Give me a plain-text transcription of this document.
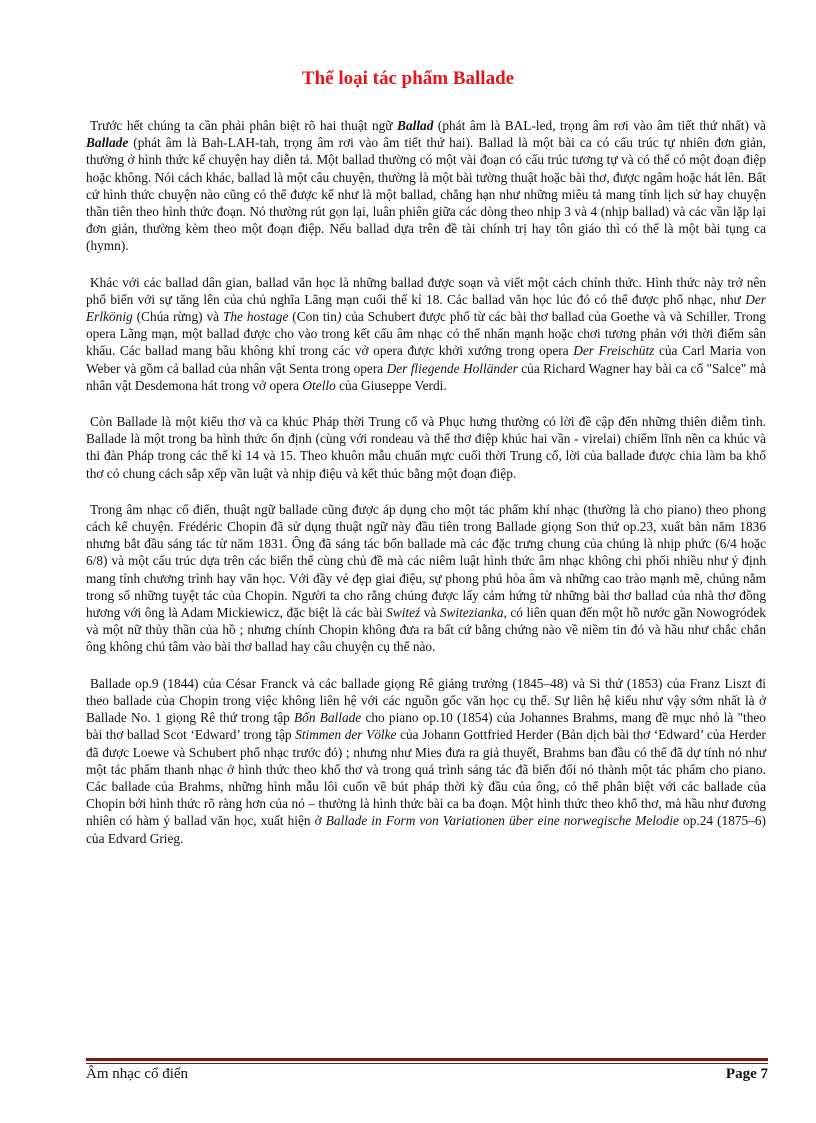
Thể loại tác phẩm Ballade

Trước hết chúng ta cần phải phân biệt rõ hai thuật ngữ Ballad (phát âm là BAL-led, trọng âm rơi vào âm tiết thứ nhất) và Ballade (phát âm là Bah-LAH-tah, trọng âm rơi vào âm tiết thứ hai). Ballad là một bài ca có cấu trúc tự nhiên đơn giản, thường ở hình thức kể chuyện hay diễn tả. Một ballad thường có một vài đoạn có cấu trúc tương tự và có thể có một đoạn điệp hoặc không. Nói cách khác, ballad là một câu chuyện, thường là một bài tường thuật hoặc bài thơ, được ngâm hoặc hát lên. Bất cứ hình thức chuyện nào cũng có thể được kể như là một ballad, chẳng hạn như những miêu tả mang tính lịch sử hay chuyện thần tiên theo hình thức đoạn. Nó thường rút gọn lại, luân phiên giữa các dòng theo nhịp 3 và 4 (nhịp ballad) và các vần lặp lại đơn giản, thường kèm theo một đoạn điệp. Nếu ballad dựa trên đề tài chính trị hay tôn giáo thì có thể là một bài tụng ca (hymn).

Khác với các ballad dân gian, ballad văn học là những ballad được soạn và viết một cách chính thức. Hình thức này trở nên phổ biến với sự tăng lên của chủ nghĩa Lãng mạn cuối thế kỉ 18. Các ballad văn học lúc đó có thể được phổ nhạc, như Der Erlkönig (Chúa rừng) và The hostage (Con tin) của Schubert được phổ từ các bài thơ ballad của Goethe và và Schiller. Trong opera Lãng mạn, một ballad được cho vào trong kết cấu âm nhạc có thể nhấn mạnh hoặc chơi tương phản với thời điểm sân khấu. Các ballad mang bầu không khí trong các vở opera được khởi xướng trong opera Der Freischütz của Carl Maria von Weber và gồm cả ballad của nhân vật Senta trong opera Der fliegende Holländer của Richard Wagner hay bài ca cổ "Salce" mà nhân vật Desdemona hát trong vở opera Otello của Giuseppe Verdi.

Còn Ballade là một kiểu thơ và ca khúc Pháp thời Trung cổ và Phục hưng thường có lời đề cập đến những thiên diễm tình. Ballade là một trong ba hình thức ổn định (cùng với rondeau và thể thơ điệp khúc hai vần - virelai) chiếm lĩnh nền ca khúc và thi đàn Pháp trong các thế kỉ 14 và 15. Theo khuôn mẫu chuẩn mực cuối thời Trung cổ, lời của ballade được chia làm ba khổ thơ có chung cách sắp xếp vần luật và nhịp điệu và kết thúc bằng một đoạn điệp.

Trong âm nhạc cổ điển, thuật ngữ ballade cũng được áp dụng cho một tác phẩm khí nhạc (thường là cho piano) theo phong cách kể chuyện. Frédéric Chopin đã sử dụng thuật ngữ này đầu tiên trong Ballade giọng Son thứ op.23, xuất bản năm 1836 nhưng bắt đầu sáng tác từ năm 1831. Ông đã sáng tác bốn ballade mà các đặc trưng chung của chúng là nhịp phức (6/4 hoặc 6/8) và một cấu trúc dựa trên các biến thể cùng chủ đề mà các niêm luật hình thức âm nhạc không chi phối nhiều như ý định mang tính chương trình hay văn học. Với đầy vẻ đẹp giai điệu, sự phong phú hòa âm và những cao trào mạnh mẽ, chúng nằm trong số những tuyệt tác của Chopin. Người ta cho rằng chúng được lấy cảm hứng từ những bài thơ ballad của nhà thơ đồng hương với ông là Adam Mickiewicz, đặc biệt là các bài Switeź và Switezianka, có liên quan đến một hồ nước gần Nowogródek và một nữ thủy thần của hồ ; nhưng chính Chopin không đưa ra bất cứ bằng chứng nào về niềm tin đó và hầu như chắc chắn ông không chú tâm vào bài thơ ballad hay câu chuyện cụ thể nào.

Ballade op.9 (1844) của César Franck và các ballade giọng Rê giáng trưởng (1845–48) và Si thứ (1853) của Franz Liszt đi theo ballade của Chopin trong việc không liên hệ với các nguồn gốc văn học cụ thể. Sự liên hệ kiểu như vậy sớm nhất là ở Ballade No. 1 giọng Rê thứ trong tập Bốn Ballade cho piano op.10 (1854) của Johannes Brahms, mang đề mục nhỏ là "theo bài thơ ballad Scot ‘Edward’ trong tập Stimmen der Völke của Johann Gottfried Herder (Bản dịch bài thơ ‘Edward’ của Herder đã được Loewe và Schubert phổ nhạc trước đó) ; nhưng như Mies đưa ra giả thuyết, Brahms ban đầu có thể đã dự tính nó như một tác phẩm thanh nhạc ở hình thức theo khổ thơ và trong quá trình sáng tác đã biến đổi nó thành một tác phẩm cho piano. Các ballade của Brahms, những hình mẫu lôi cuốn về bút pháp thời kỳ đầu của ông, có thể phân biệt với các ballade của Chopin bởi hình thức rõ ràng hơn của nó – thường là hình thức bài ca ba đoạn. Một hình thức theo khổ thơ, mà hầu như đương nhiên có hàm ý ballad văn học, xuất hiện ở Ballade in Form von Variationen über eine norwegische Melodie op.24 (1875–6) của Edvard Grieg.

Âm nhạc cổ điển	Page 7
